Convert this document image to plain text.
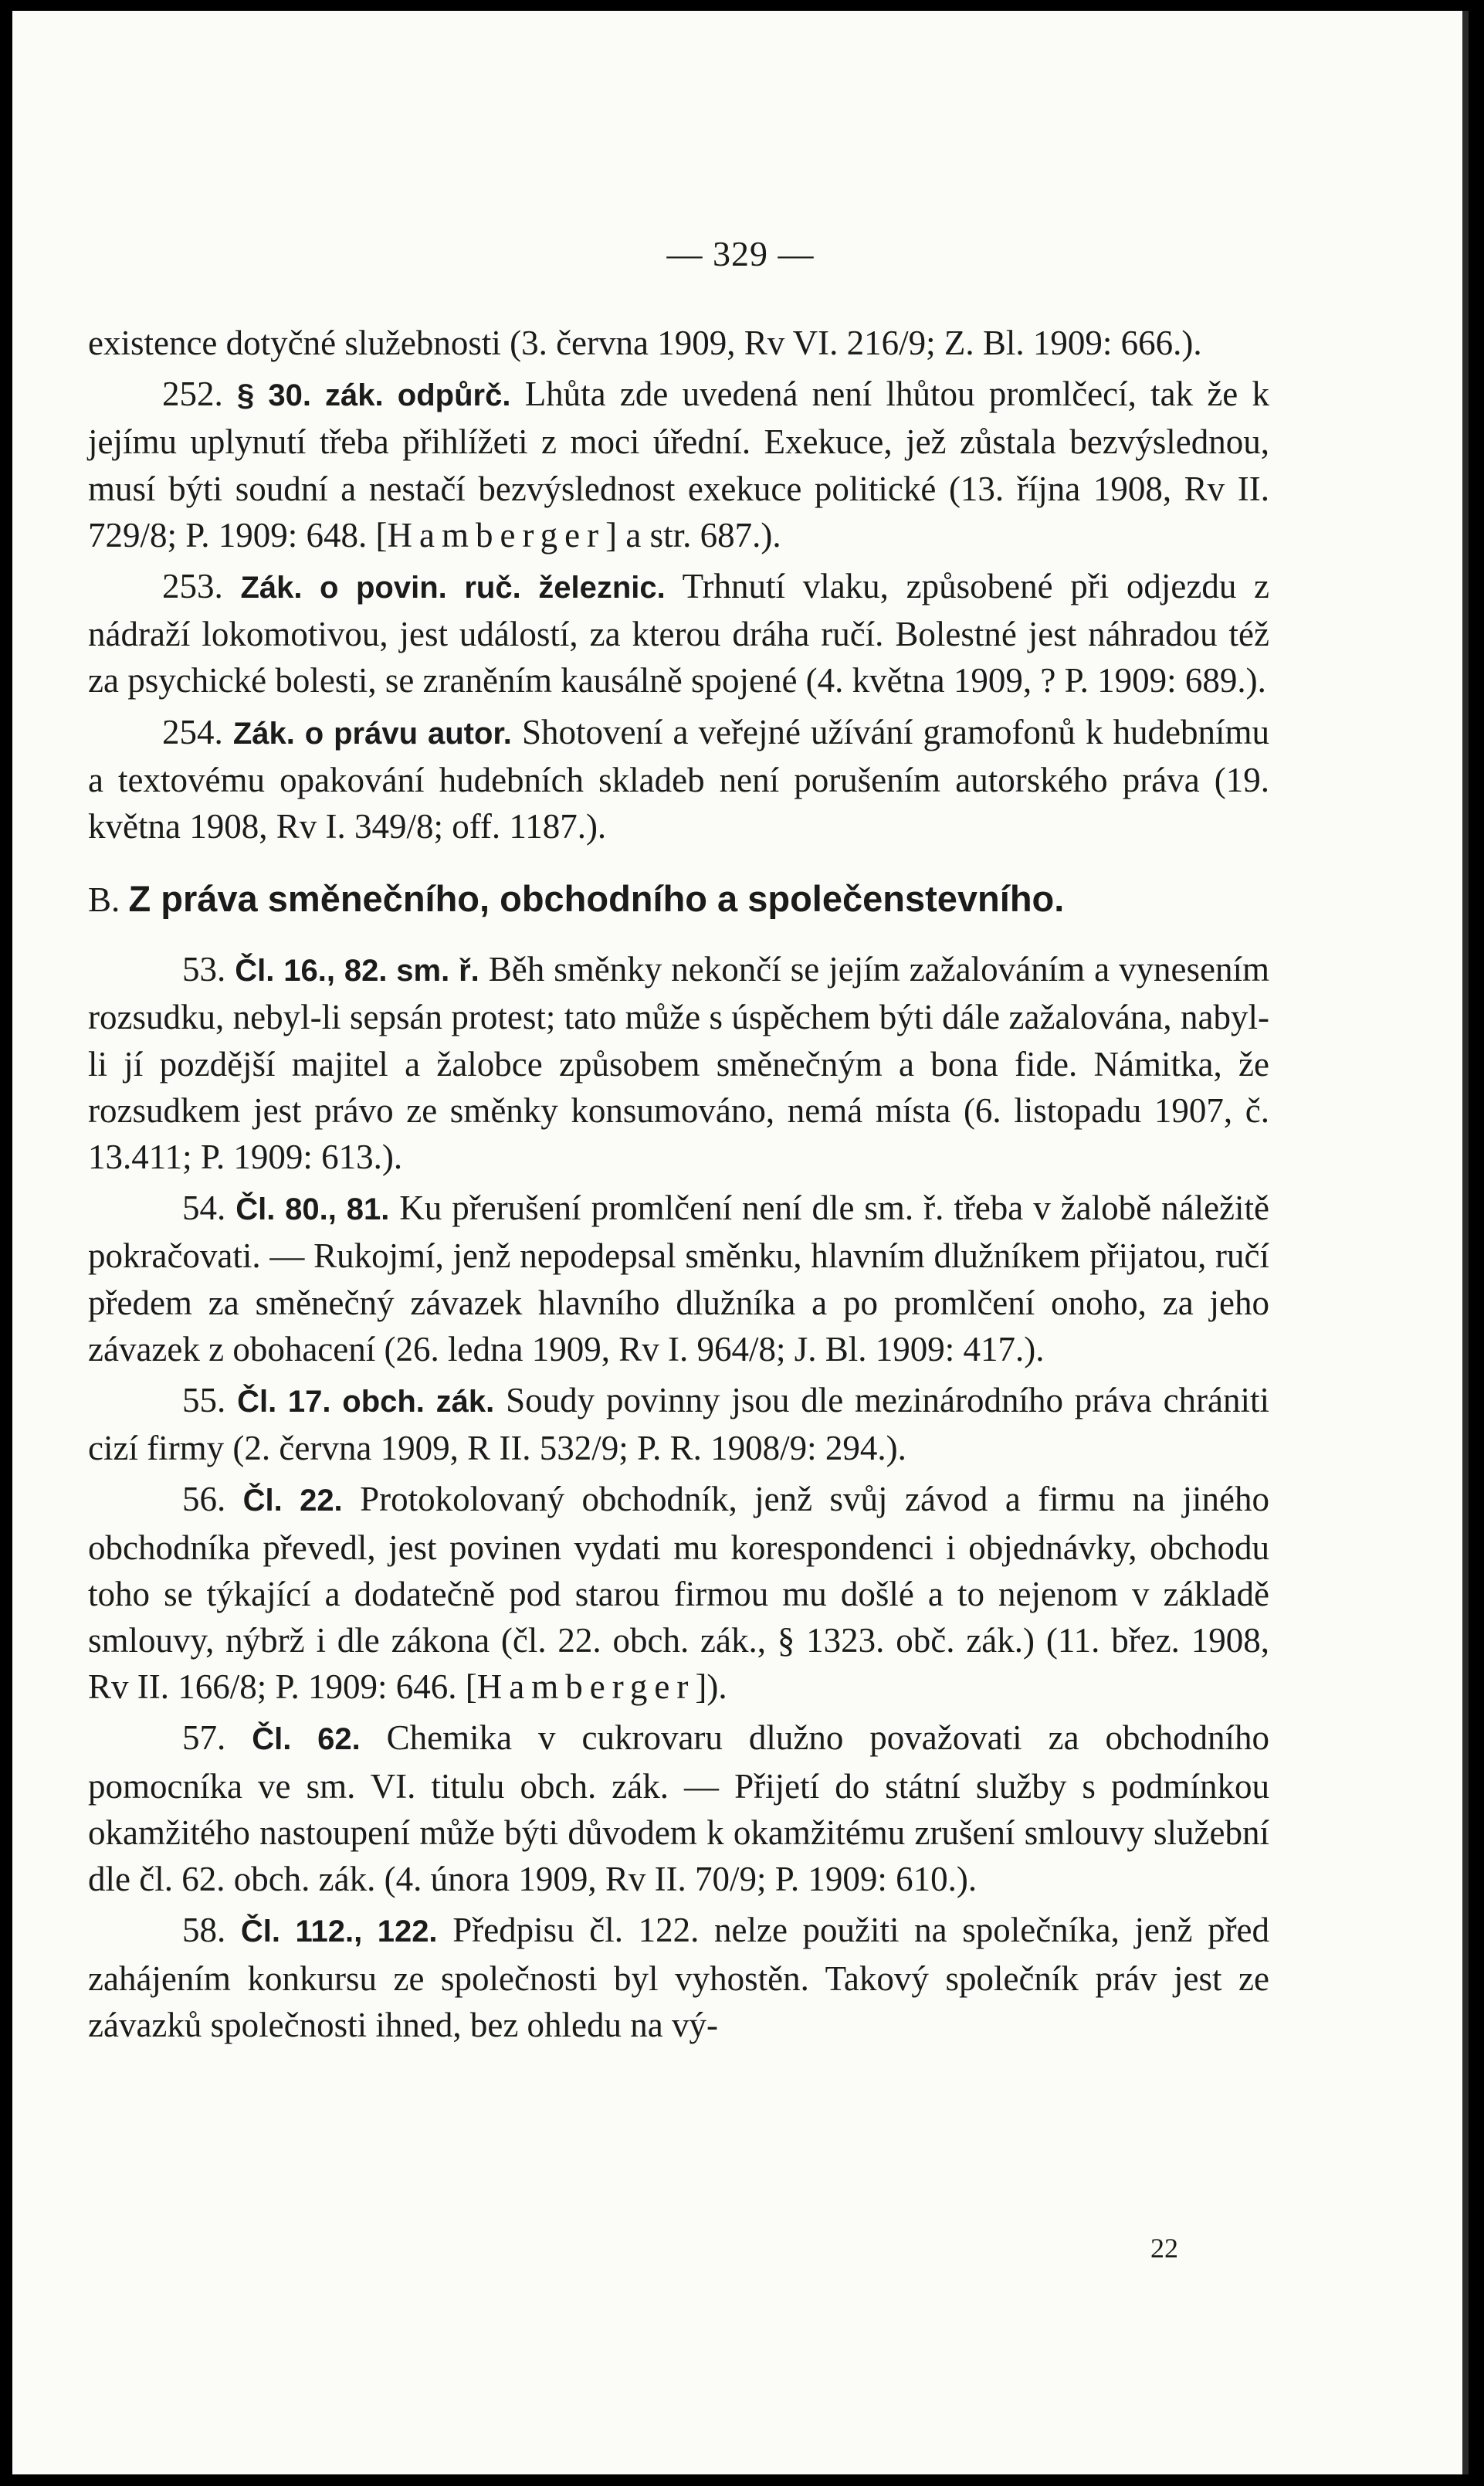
— 329 —

existence dotyčné služebnosti (3. června 1909, Rv VI. 216/9; Z. Bl. 1909: 666.).

252. § 30. zák. odpůrč. Lhůta zde uvedená není lhůtou promlčecí, tak že k jejímu uplynutí třeba přihlížeti z moci úřední. Exekuce, jež zůstala bezvýslednou, musí býti soudní a nestačí bezvýslednost exekuce politické (13. října 1908, Rv II. 729/8; P. 1909: 648. [Hamberger] a str. 687.).

253. Zák. o povin. ruč. železnic. Trhnutí vlaku, způsobené při odjezdu z nádraží lokomotivou, jest událostí, za kterou dráha ručí. Bolestné jest náhradou též za psychické bolesti, se zraněním kausálně spojené (4. května 1909, ? P. 1909: 689.).

254. Zák. o právu autor. Shotovení a veřejné užívání gramofonů k hudebnímu a textovému opakování hudebních skladeb není porušením autorského práva (19. května 1908, Rv I. 349/8; off. 1187.).

B. Z práva směnečního, obchodního a společenstevního.

53. Čl. 16., 82. sm. ř. Běh směnky nekončí se jejím zažalováním a vynesením rozsudku, nebyl-li sepsán protest; tato může s úspěchem býti dále zažalována, nabyl-li jí pozdější majitel a žalobce způsobem směnečným a bona fide. Námitka, že rozsudkem jest právo ze směnky konsumováno, nemá místa (6. listopadu 1907, č. 13.411; P. 1909: 613.).

54. Čl. 80., 81. Ku přerušení promlčení není dle sm. ř. třeba v žalobě náležitě pokračovati. — Rukojmí, jenž nepodepsal směnku, hlavním dlužníkem přijatou, ručí předem za směnečný závazek hlavního dlužníka a po promlčení onoho, za jeho závazek z obohacení (26. ledna 1909, Rv I. 964/8; J. Bl. 1909: 417.).

55. Čl. 17. obch. zák. Soudy povinny jsou dle mezinárodního práva chrániti cizí firmy (2. června 1909, R II. 532/9; P. R. 1908/9: 294.).

56. Čl. 22. Protokolovaný obchodník, jenž svůj závod a firmu na jiného obchodníka převedl, jest povinen vydati mu korespondenci i objednávky, obchodu toho se týkající a dodatečně pod starou firmou mu došlé a to nejenom v základě smlouvy, nýbrž i dle zákona (čl. 22. obch. zák., § 1323. obč. zák.) (11. břez. 1908, Rv II. 166/8; P. 1909: 646. [Hamberger]).

57. Čl. 62. Chemika v cukrovaru dlužno považovati za obchodního pomocníka ve sm. VI. titulu obch. zák. — Přijetí do státní služby s podmínkou okamžitého nastoupení může býti důvodem k okamžitému zrušení smlouvy služební dle čl. 62. obch. zák. (4. února 1909, Rv II. 70/9; P. 1909: 610.).

58. Čl. 112., 122. Předpisu čl. 122. nelze použiti na společníka, jenž před zahájením konkursu ze společnosti byl vyhostěn. Takový společník práv jest ze závazků společnosti ihned, bez ohledu na vý-

22
